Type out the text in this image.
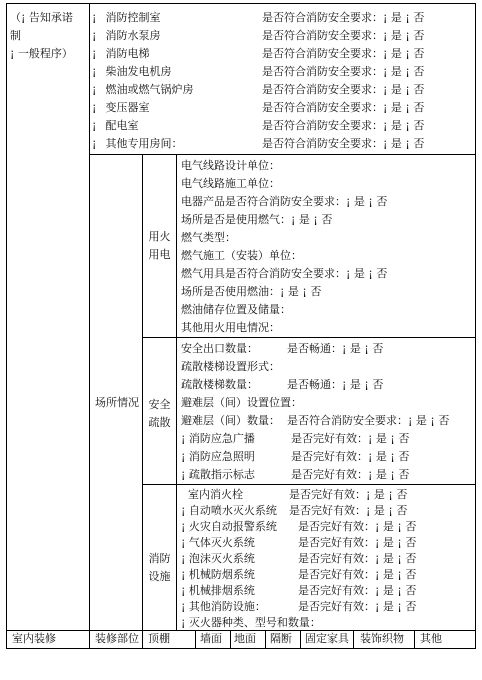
（¡ 告知承诺
制
¡ 一般程序）
¡ 消防控制室	是否符合消防安全要求：¡ 是 ¡ 否
¡ 消防水泵房	是否符合消防安全要求：¡ 是 ¡ 否
¡ 消防电梯	是否符合消防安全要求：¡ 是 ¡ 否
¡ 柴油发电机房	是否符合消防安全要求：¡ 是 ¡ 否
¡ 燃油或燃气锅炉房	是否符合消防安全要求：¡ 是 ¡ 否
¡ 变压器室	是否符合消防安全要求：¡ 是 ¡ 否
¡ 配电室	是否符合消防安全要求：¡ 是 ¡ 否
¡ 其他专用房间：	是否符合消防安全要求：¡ 是 ¡ 否
场所情况
用火
用电
电气线路设计单位：
电气线路施工单位：
电器产品是否符合消防安全要求：¡ 是 ¡ 否
场所是否是使用燃气：¡ 是 ¡ 否
燃气类型：
燃气施工（安装）单位：
燃气用具是否符合消防安全要求：¡ 是 ¡ 否
场所是否使用燃油：¡ 是 ¡ 否
燃油储存位置及储量：
其他用火用电情况：
安全
疏散
安全出口数量：	是否畅通：¡ 是 ¡ 否
疏散楼梯设置形式：
疏散楼梯数量：	是否畅通：¡ 是 ¡ 否
避难层（间）设置位置：
避难层（间）数量： 是否符合消防安全要求：¡ 是 ¡ 否
¡ 消防应急广播	是否完好有效：¡ 是 ¡ 否
¡ 消防应急照明	是否完好有效：¡ 是 ¡ 否
¡ 疏散指示标志	是否完好有效：¡ 是 ¡ 否
消防
设施
室内消火栓	是否完好有效：¡ 是 ¡ 否
¡ 自动喷水灭火系统 是否完好有效：¡ 是 ¡ 否
¡ 火灾自动报警系统 是否完好有效：¡ 是 ¡ 否
¡ 气体灭火系统	是否完好有效：¡ 是 ¡ 否
¡ 泡沫灭火系统	是否完好有效：¡ 是 ¡ 否
¡ 机械防烟系统	是否完好有效：¡ 是 ¡ 否
¡ 机械排烟系统	是否完好有效：¡ 是 ¡ 否
¡ 其他消防设施：	是否完好有效：¡ 是 ¡ 否
¡ 灭火器种类、型号和数量：
室内装修	装修部位 顶棚	墙面 地面 隔断 固定家具 装饰织物 其他
